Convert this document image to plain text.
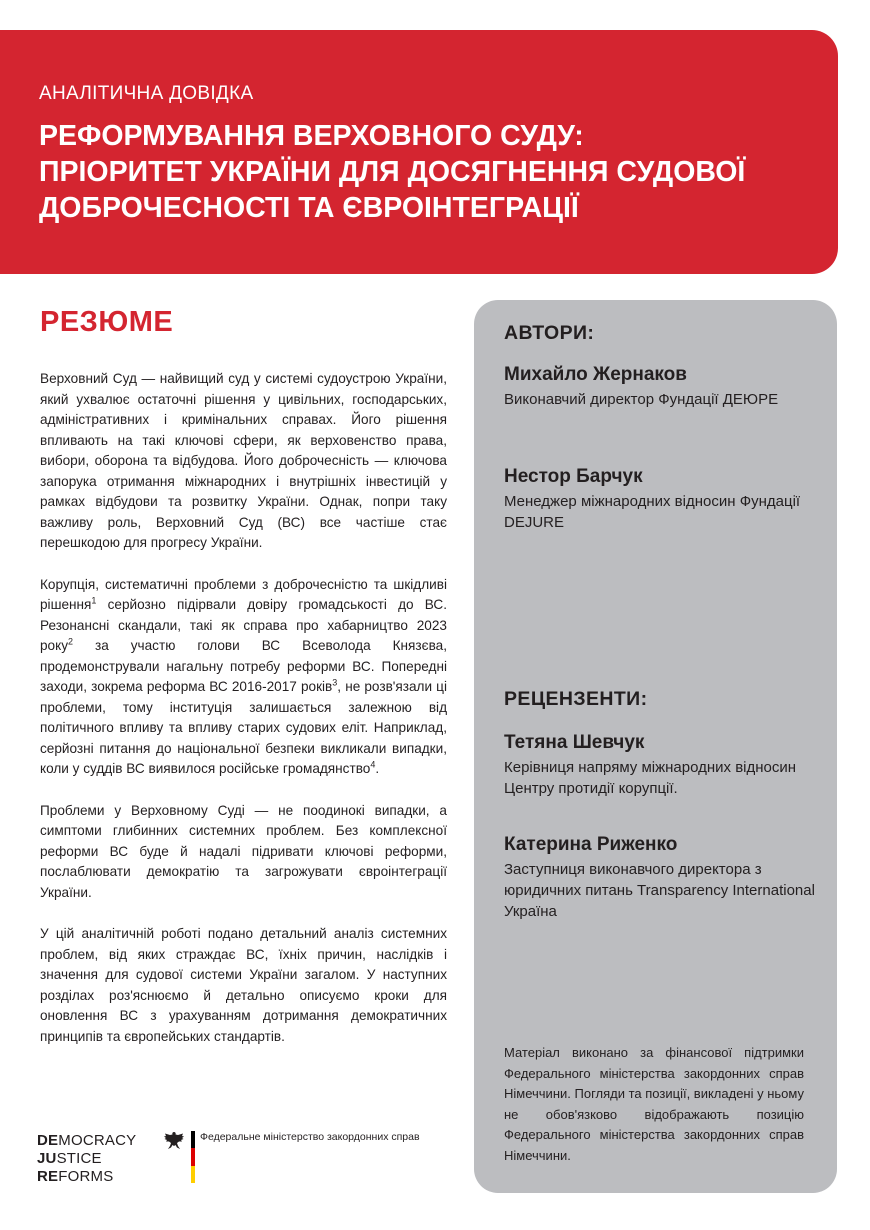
АНАЛІТИЧНА ДОВІДКА
РЕФОРМУВАННЯ ВЕРХОВНОГО СУДУ:
ПРІОРИТЕТ УКРАЇНИ ДЛЯ ДОСЯГНЕННЯ СУДОВОЇ
ДОБРОЧЕСНОСТІ ТА ЄВРОІНТЕГРАЦІЇ
РЕЗЮМЕ

Верховний Суд — найвищий суд у системі судоустрою України, який ухвалює остаточні рішення у цивільних, господарських, адміністративних і кримінальних справах. Його рішення впливають на такі ключові сфери, як верховенство права, вибори, оборона та відбудова. Його доброчесність — ключова запорука отримання міжнародних і внутрішніх інвестицій у рамках відбудови та розвитку України. Однак, попри таку важливу роль, Верховний Суд (ВС) все частіше стає перешкодою для прогресу України.

Корупція, систематичні проблеми з доброчесністю та шкідливі рішення$^1$ серйозно підірвали довіру громадськості до ВС. Резонансні скандали, такі як справа про хабарництво 2023 року$^2$ за участю голови ВС Всеволода Князєва, продемонстрували нагальну потребу реформи ВС. Попередні заходи, зокрема реформа ВС 2016-2017 років$^3$, не розв'язали ці проблеми, тому інституція залишається залежною від політичного впливу та впливу старих судових еліт. Наприклад, серйозні питання до національної безпеки викликали випадки, коли у суддів ВС виявилося російське громадянство$^4$.

Проблеми у Верховному Суді — не поодинокі випадки, а симптоми глибинних системних проблем. Без комплексної реформи ВС буде й надалі підривати ключові реформи, послаблювати демократію та загрожувати євроінтеграції України.

У цій аналітичній роботі подано детальний аналіз системних проблем, від яких страждає ВС, їхніх причин, наслідків і значення для судової системи України загалом. У наступних розділах роз'яснюємо й детально описуємо кроки для оновлення ВС з урахуванням дотримання демократичних принципів та європейських стандартів.

АВТОРИ:
Михайло Жернаков
Виконавчий директор Фундації ДЕЮРЕ
Нестор Барчук
Менеджер міжнародних відносин Фундації DEJURE
РЕЦЕНЗЕНТИ:
Тетяна Шевчук
Керівниця напряму міжнародних відносин Центру протидії корупції.
Катерина Риженко
Заступниця виконавчого директора з юридичних питань Transparency International Україна
Матеріал виконано за фінансової підтримки Федерального міністерства закордонних справ Німеччини. Погляди та позиції, викладені у ньому не обов'язково відображають позицію Федерального міністерства закордонних справ Німеччини.
DEMOCRACY
JUSTICE
REFORMS
Федеральне міністерство закордонних справ
